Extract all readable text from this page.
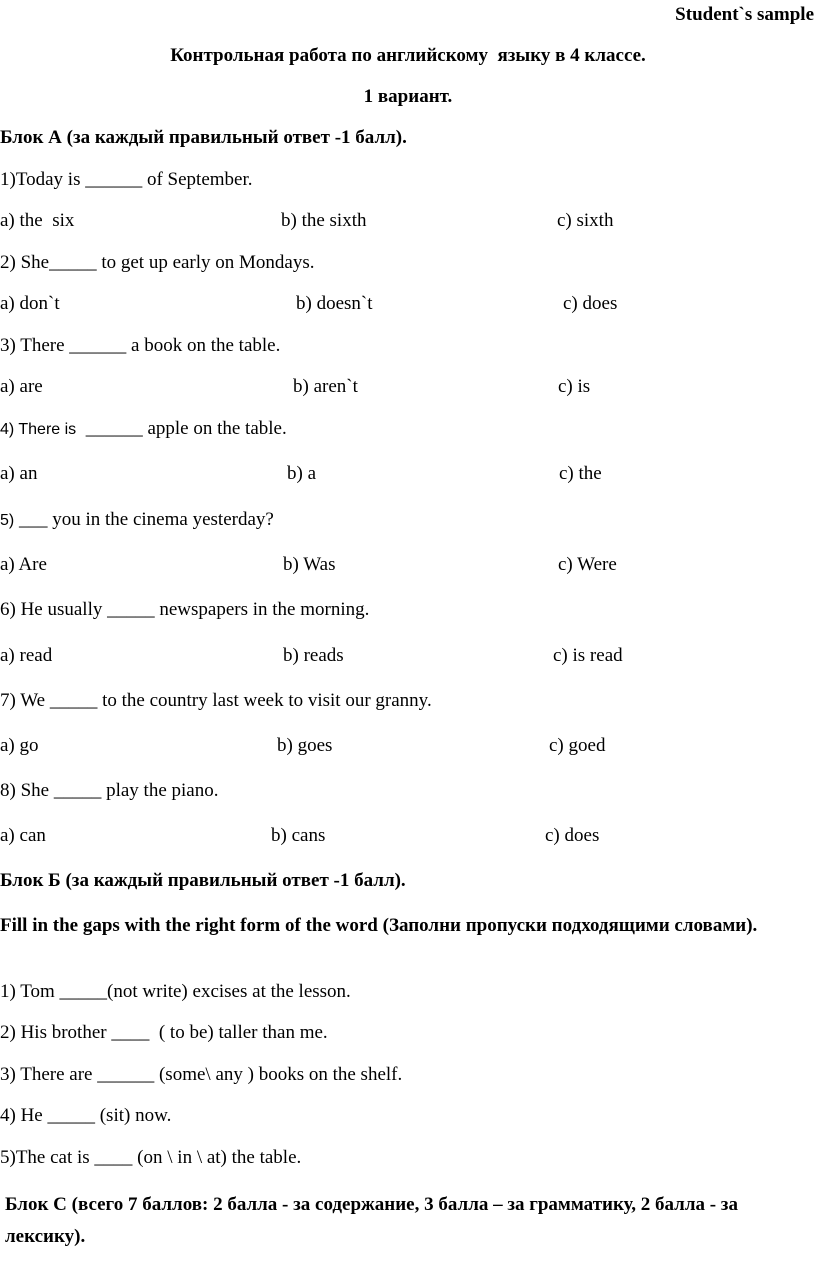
Student`s sample
Контрольная работа по английскому  языку в 4 классе.
1 вариант.
Блок А (за каждый правильный ответ -1 балл).
1)Today is ______ of September.
a) the  six	b) the sixth	c) sixth
2) She_____ to get up early on Mondays.
a) don`t	b) doesn`t	c) does
3) There ______ a book on the table.
a) are	b) aren`t	c) is
4) There is ______ apple on the table.
a) an	b) a	c) the
5) ___ you in the cinema yesterday?
a) Are	b) Was	c) Were
6) He usually _____ newspapers in the morning.
a) read	b) reads	c) is read
7) We _____ to the country last week to visit our granny.
a) go	b) goes	c) goed
8) She _____ play the piano.
a) can	b) cans	c) does
Блок Б (за каждый правильный ответ -1 балл).
Fill in the gaps with the right form of the word (Заполни пропуски подходящими словами).
1) Tom _____(not write) excises at the lesson.
2) His brother ____  ( to be) taller than me.
3) There are ______ (some\ any ) books on the shelf.
4) He _____ (sit) now.
5)The cat is ____ (on \ in \ at) the table.
Блок С (всего 7 баллов: 2 балла - за содержание, 3 балла – за грамматику, 2 балла - за лексику).
